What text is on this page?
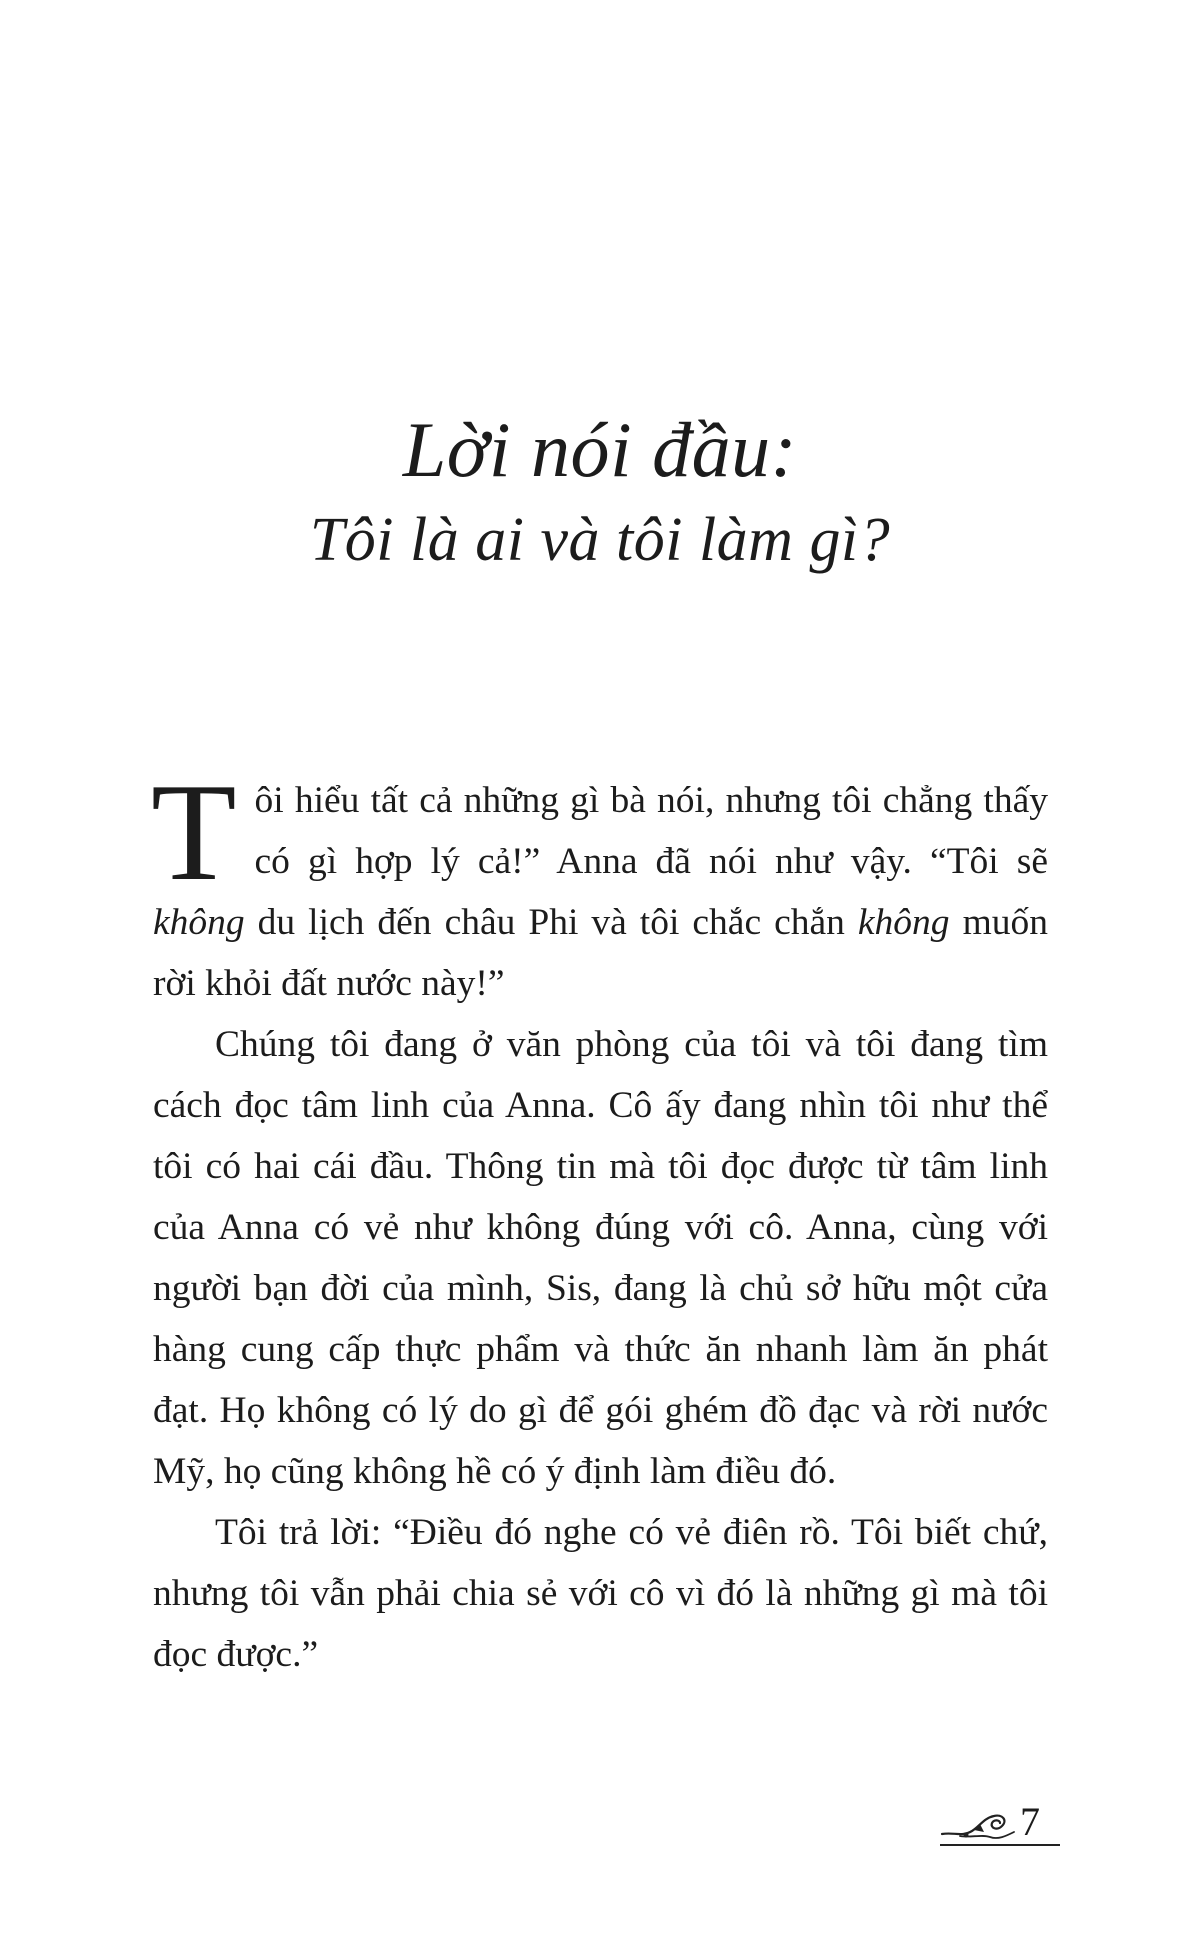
Lời nói đầu:
Tôi là ai và tôi làm gì?

Tôi hiểu tất cả những gì bà nói, nhưng tôi chẳng thấy có gì hợp lý cả!” Anna đã nói như vậy. “Tôi sẽ không du lịch đến châu Phi và tôi chắc chắn không muốn rời khỏi đất nước này!”

Chúng tôi đang ở văn phòng của tôi và tôi đang tìm cách đọc tâm linh của Anna. Cô ấy đang nhìn tôi như thể tôi có hai cái đầu. Thông tin mà tôi đọc được từ tâm linh của Anna có vẻ như không đúng với cô. Anna, cùng với người bạn đời của mình, Sis, đang là chủ sở hữu một cửa hàng cung cấp thực phẩm và thức ăn nhanh làm ăn phát đạt. Họ không có lý do gì để gói ghém đồ đạc và rời nước Mỹ, họ cũng không hề có ý định làm điều đó.

Tôi trả lời: “Điều đó nghe có vẻ điên rồ. Tôi biết chứ, nhưng tôi vẫn phải chia sẻ với cô vì đó là những gì mà tôi đọc được.”

7
